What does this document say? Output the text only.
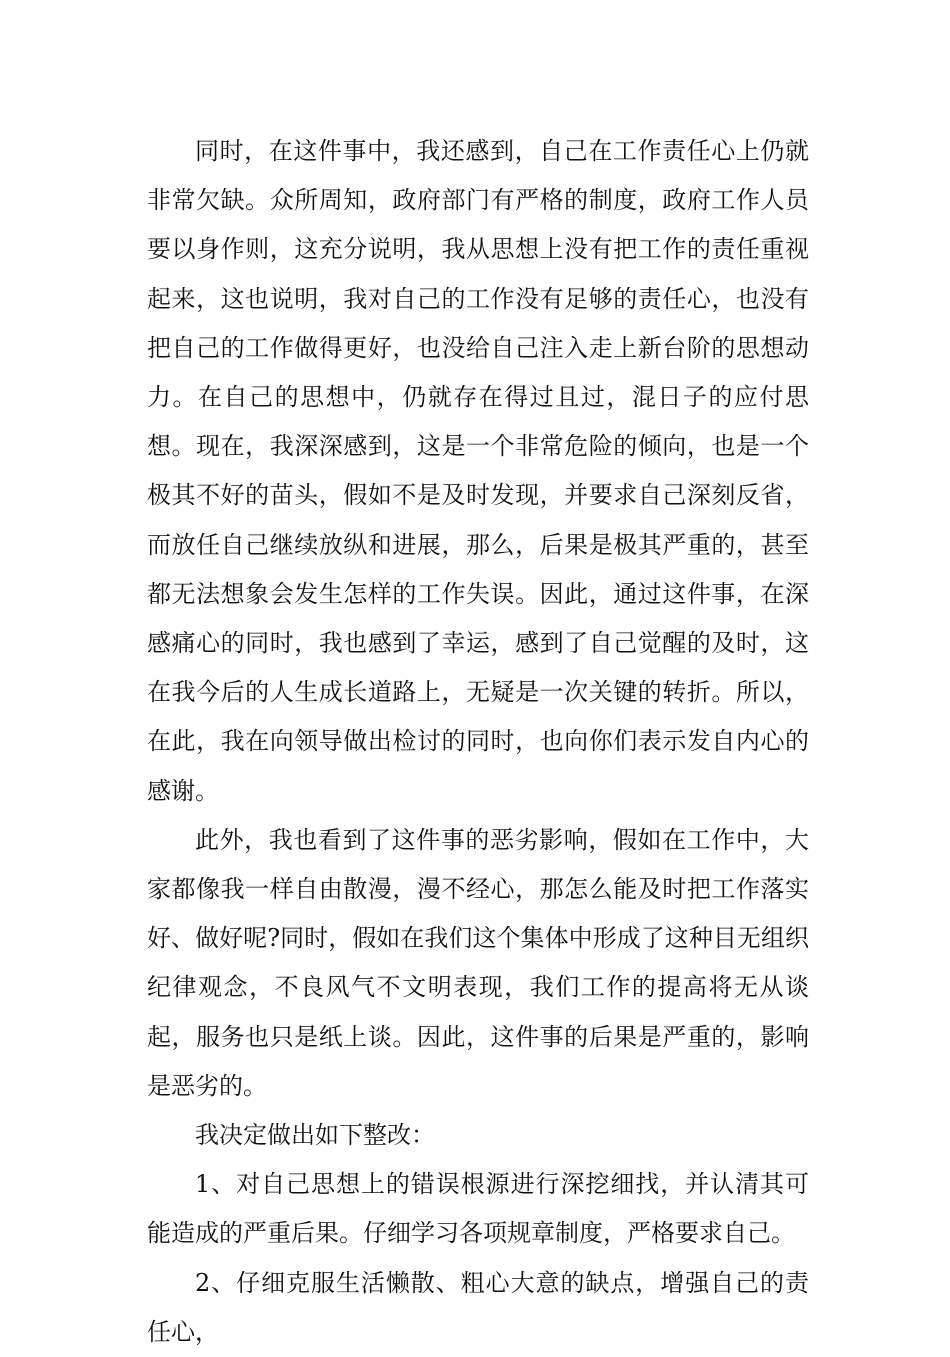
同时，在这件事中，我还感到，自己在工作责任心上仍就非常欠缺。众所周知，政府部门有严格的制度，政府工作人员要以身作则，这充分说明，我从思想上没有把工作的责任重视起来，这也说明，我对自己的工作没有足够的责任心，也没有把自己的工作做得更好，也没给自己注入走上新台阶的思想动力。在自己的思想中，仍就存在得过且过，混日子的应付思想。现在，我深深感到，这是一个非常危险的倾向，也是一个极其不好的苗头，假如不是及时发现，并要求自己深刻反省，而放任自己继续放纵和进展，那么，后果是极其严重的，甚至都无法想象会发生怎样的工作失误。因此，通过这件事，在深感痛心的同时，我也感到了幸运，感到了自己觉醒的及时，这在我今后的人生成长道路上，无疑是一次关键的转折。所以，在此，我在向领导做出检讨的同时，也向你们表示发自内心的感谢。

此外，我也看到了这件事的恶劣影响，假如在工作中，大家都像我一样自由散漫，漫不经心，那怎么能及时把工作落实好、做好呢?同时，假如在我们这个集体中形成了这种目无组织纪律观念，不良风气不文明表现，我们工作的提高将无从谈起，服务也只是纸上谈。因此，这件事的后果是严重的，影响是恶劣的。

我决定做出如下整改：

1、对自己思想上的错误根源进行深挖细找，并认清其可能造成的严重后果。仔细学习各项规章制度，严格要求自己。

2、仔细克服生活懒散、粗心大意的缺点，增强自己的责任心，
